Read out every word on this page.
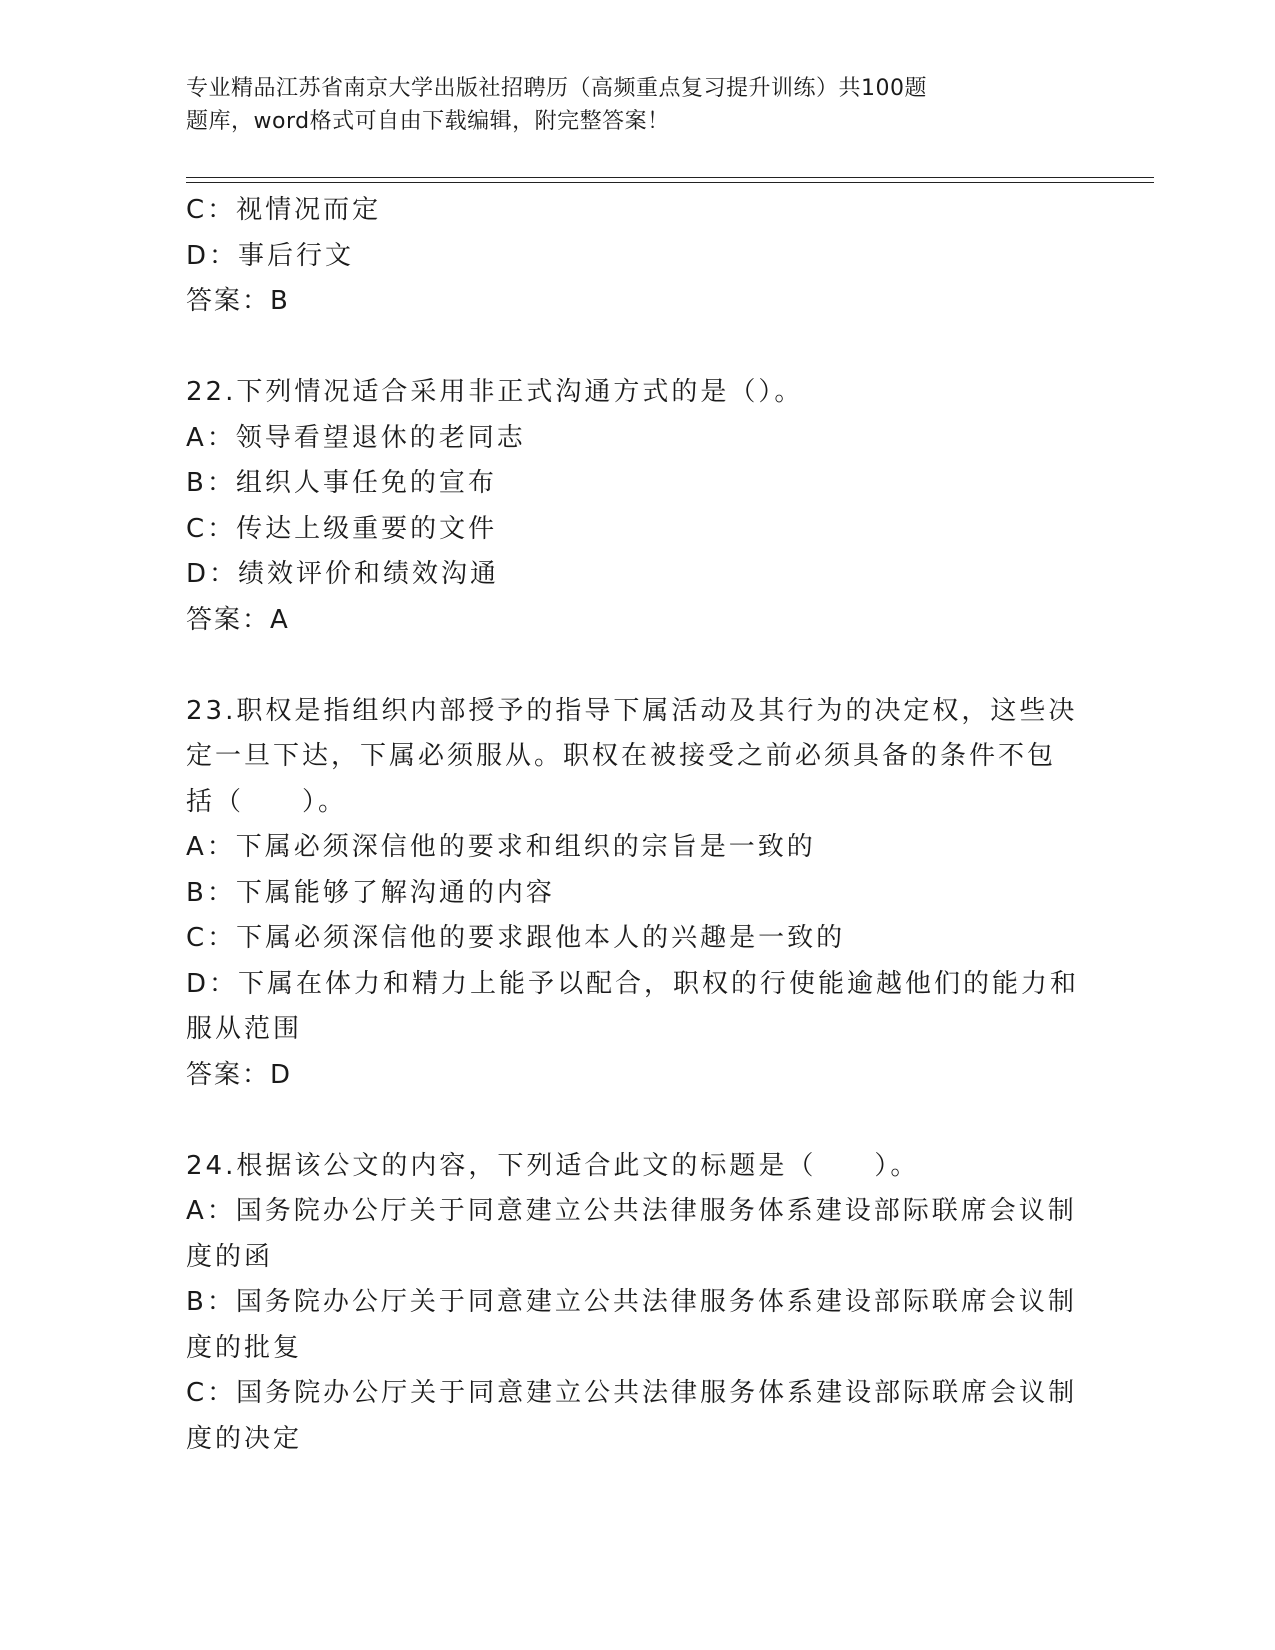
专业精品江苏省南京大学出版社招聘历（高频重点复习提升训练）共100题
题库，word格式可自由下载编辑，附完整答案！
C：视情况而定
D：事后行文
答案：B
22.下列情况适合采用非正式沟通方式的是（）。
A：领导看望退休的老同志
B：组织人事任免的宣布
C：传达上级重要的文件
D：绩效评价和绩效沟通
答案：A
23.职权是指组织内部授予的指导下属活动及其行为的决定权，这些决
定一旦下达，下属必须服从。职权在被接受之前必须具备的条件不包
括（　　）。
A：下属必须深信他的要求和组织的宗旨是一致的
B：下属能够了解沟通的内容
C：下属必须深信他的要求跟他本人的兴趣是一致的
D：下属在体力和精力上能予以配合，职权的行使能逾越他们的能力和
服从范围
答案：D
24.根据该公文的内容，下列适合此文的标题是（　　）。
A：国务院办公厅关于同意建立公共法律服务体系建设部际联席会议制
度的函
B：国务院办公厅关于同意建立公共法律服务体系建设部际联席会议制
度的批复
C：国务院办公厅关于同意建立公共法律服务体系建设部际联席会议制
度的决定
